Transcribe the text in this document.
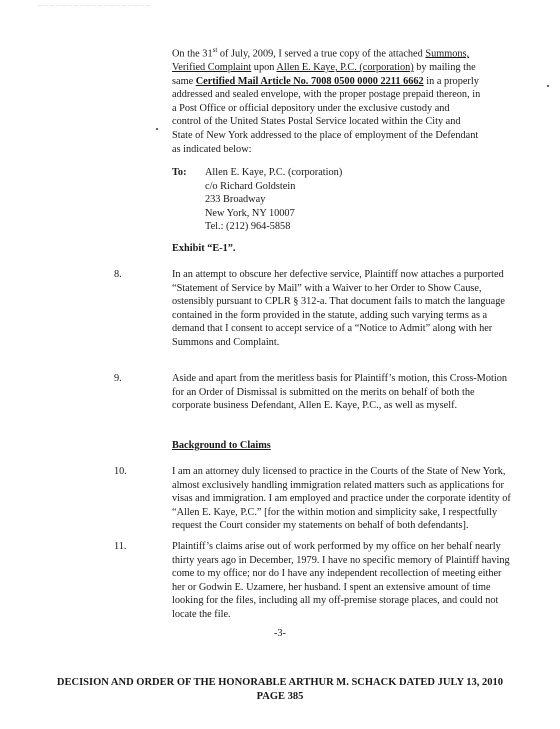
— — — — — — — — — — — — — — — — — — —
On the 31st of July, 2009, I served a true copy of the attached Summons,
Verified Complaint upon Allen E. Kaye, P.C. (corporation) by mailing the
same Certified Mail Article No. 7008 0500 0000 2211 6662 in a properly
addressed and sealed envelope, with the proper postage prepaid thereon, in
a Post Office or official depository under the exclusive custody and
control of the United States Postal Service located within the City and
State of New York addressed to the place of employment of the Defendant
as indicated below:
To: Allen E. Kaye, P.C. (corporation)
c/o Richard Goldstein
233 Broadway
New York, NY 10007
Tel.: (212) 964-5858
Exhibit “E-1”.
8.	In an attempt to obscure her defective service, Plaintiff now attaches a purported
“Statement of Service by Mail” with a Waiver to her Order to Show Cause,
ostensibly pursuant to CPLR § 312-a. That document fails to match the language
contained in the form provided in the statute, adding such varying terms as a
demand that I consent to accept service of a “Notice to Admit” along with her
Summons and Complaint.
9.	Aside and apart from the meritless basis for Plaintiff’s motion, this Cross-Motion
for an Order of Dismissal is submitted on the merits on behalf of both the
corporate business Defendant, Allen E. Kaye, P.C., as well as myself.
Background to Claims
10.	I am an attorney duly licensed to practice in the Courts of the State of New York,
almost exclusively handling immigration related matters such as applications for
visas and immigration. I am employed and practice under the corporate identity of
“Allen E. Kaye, P.C.” [for the within motion and simplicity sake, I respectfully
request the Court consider my statements on behalf of both defendants].
11.	Plaintiff’s claims arise out of work performed by my office on her behalf nearly
thirty years ago in December, 1979. I have no specific memory of Plaintiff having
come to my office; nor do I have any independent recollection of meeting either
her or Godwin E. Uzamere, her husband. I spent an extensive amount of time
looking for the files, including all my off-premise storage places, and could not
locate the file.
-3-
DECISION AND ORDER OF THE HONORABLE ARTHUR M. SCHACK DATED JULY 13, 2010
PAGE 385
